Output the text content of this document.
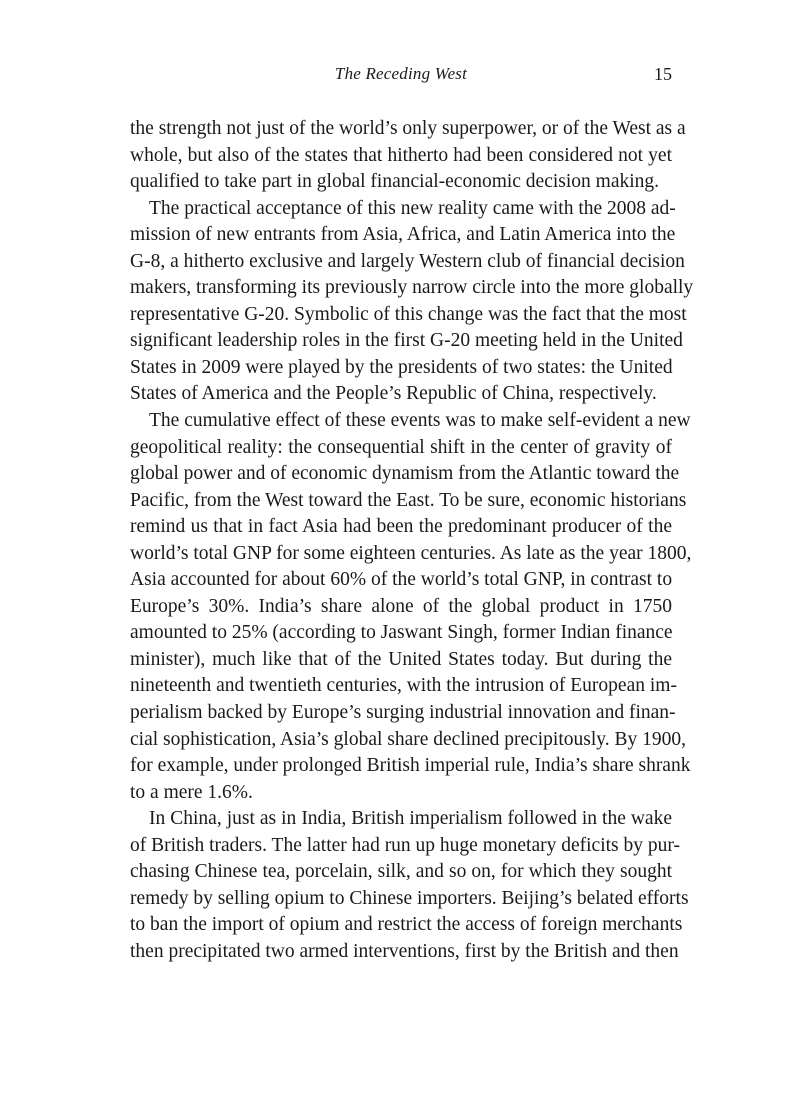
The Receding West	15
the strength not just of the world’s only superpower, or of the West as a
whole, but also of the states that hitherto had been considered not yet
qualified to take part in global financial-economic decision making.
The practical acceptance of this new reality came with the 2008 ad-
mission of new entrants from Asia, Africa, and Latin America into the
G-8, a hitherto exclusive and largely Western club of financial decision
makers, transforming its previously narrow circle into the more globally
representative G-20. Symbolic of this change was the fact that the most
significant leadership roles in the first G-20 meeting held in the United
States in 2009 were played by the presidents of two states: the United
States of America and the People’s Republic of China, respectively.
The cumulative effect of these events was to make self-evident a new
geopolitical reality: the consequential shift in the center of gravity of
global power and of economic dynamism from the Atlantic toward the
Pacific, from the West toward the East. To be sure, economic historians
remind us that in fact Asia had been the predominant producer of the
world’s total GNP for some eighteen centuries. As late as the year 1800,
Asia accounted for about 60% of the world’s total GNP, in contrast to
Europe’s 30%. India’s share alone of the global product in 1750
amounted to 25% (according to Jaswant Singh, former Indian finance
minister), much like that of the United States today. But during the
nineteenth and twentieth centuries, with the intrusion of European im-
perialism backed by Europe’s surging industrial innovation and finan-
cial sophistication, Asia’s global share declined precipitously. By 1900,
for example, under prolonged British imperial rule, India’s share shrank
to a mere 1.6%.
In China, just as in India, British imperialism followed in the wake
of British traders. The latter had run up huge monetary deficits by pur-
chasing Chinese tea, porcelain, silk, and so on, for which they sought
remedy by selling opium to Chinese importers. Beijing’s belated efforts
to ban the import of opium and restrict the access of foreign merchants
then precipitated two armed interventions, first by the British and then
